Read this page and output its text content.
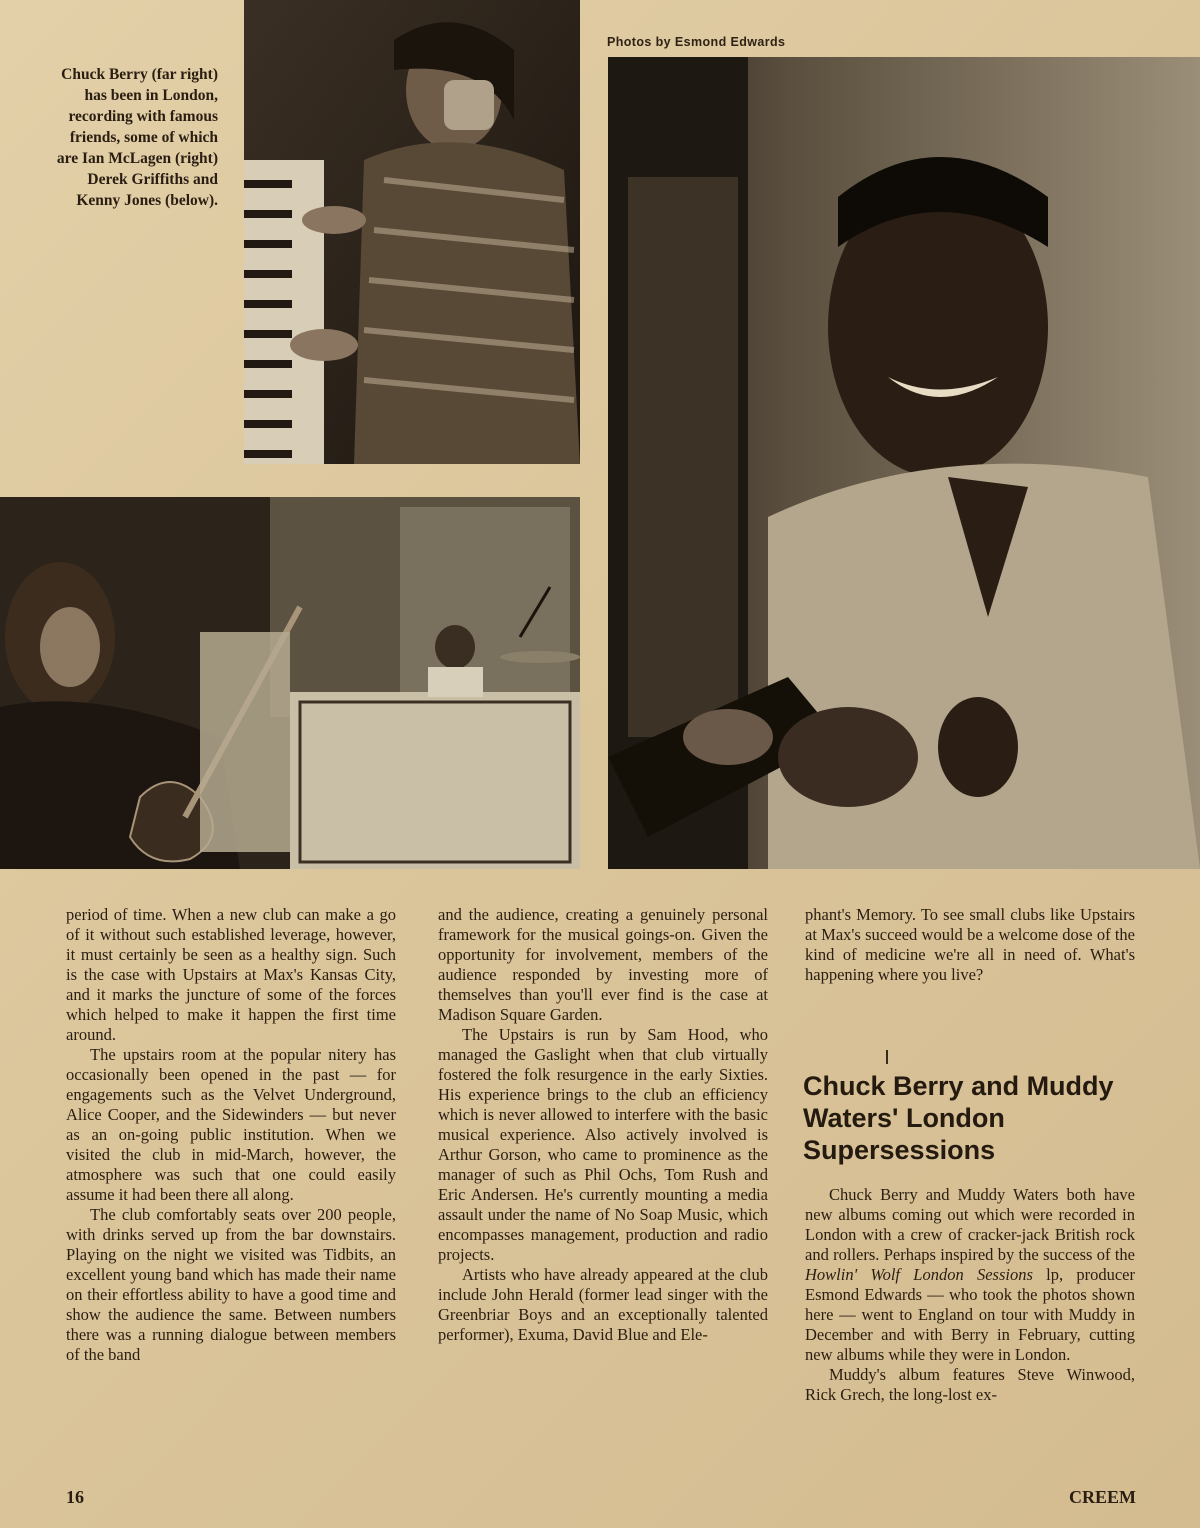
Chuck Berry (far right) has been in London, recording with famous friends, some of which are Ian McLagen (right) Derek Griffiths and Kenny Jones (below).
Photos by Esmond Edwards

period of time. When a new club can make a go of it without such established leverage, however, it must certainly be seen as a healthy sign. Such is the case with Upstairs at Max's Kansas City, and it marks the juncture of some of the forces which helped to make it happen the first time around.

The upstairs room at the popular nitery has occasionally been opened in the past — for engagements such as the Velvet Underground, Alice Cooper, and the Sidewinders — but never as an on-going public institution. When we visited the club in mid-March, however, the atmosphere was such that one could easily assume it had been there all along.

The club comfortably seats over 200 people, with drinks served up from the bar downstairs. Playing on the night we visited was Tidbits, an excellent young band which has made their name on their effortless ability to have a good time and show the audience the same. Between numbers there was a running dialogue between members of the band

and the audience, creating a genuinely personal framework for the musical goings-on. Given the opportunity for involvement, members of the audience responded by investing more of themselves than you'll ever find is the case at Madison Square Garden.

The Upstairs is run by Sam Hood, who managed the Gaslight when that club virtually fostered the folk resurgence in the early Sixties. His experience brings to the club an efficiency which is never allowed to interfere with the basic musical experience. Also actively involved is Arthur Gorson, who came to prominence as the manager of such as Phil Ochs, Tom Rush and Eric Andersen. He's currently mounting a media assault under the name of No Soap Music, which encompasses management, production and radio projects.

Artists who have already appeared at the club include John Herald (former lead singer with the Greenbriar Boys and an exceptionally talented performer), Exuma, David Blue and Ele-

phant's Memory. To see small clubs like Upstairs at Max's succeed would be a welcome dose of the kind of medicine we're all in need of. What's happening where you live?

Chuck Berry and Muddy Waters' London Supersessions

Chuck Berry and Muddy Waters both have new albums coming out which were recorded in London with a crew of cracker-jack British rock and rollers. Perhaps inspired by the success of the Howlin' Wolf London Sessions lp, producer Esmond Edwards — who took the photos shown here — went to England on tour with Muddy in December and with Berry in February, cutting new albums while they were in London.

Muddy's album features Steve Winwood, Rick Grech, the long-lost ex-

16	CREEM
